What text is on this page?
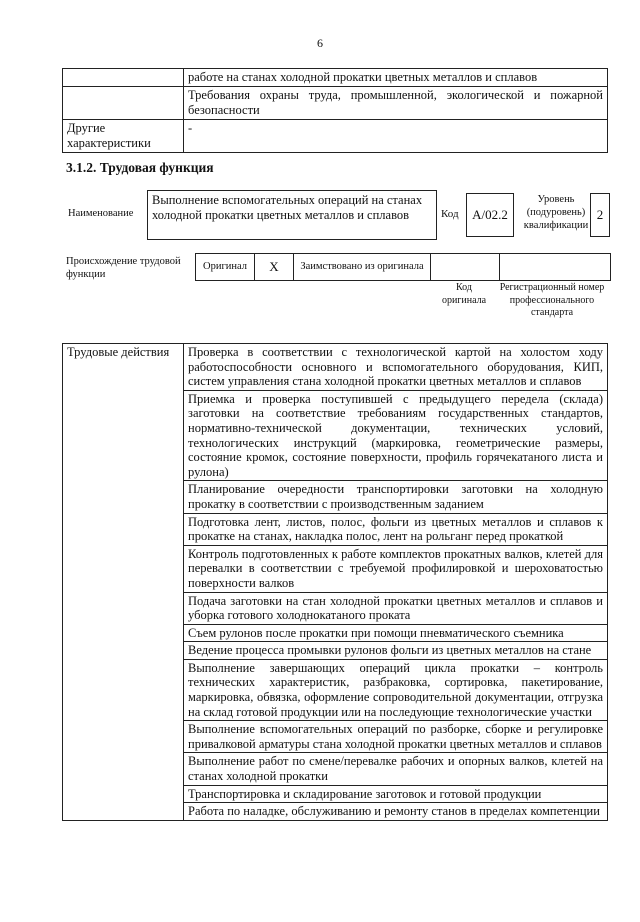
6
	работе на станах холодной прокатки цветных металлов и сплавов
	Требования охраны труда, промышленной, экологической и пожарной безопасности
Другие характеристики	-
3.1.2. Трудовая функция
Наименование
Выполнение вспомогательных операций на станах холодной прокатки цветных металлов и сплавов	Код	А/02.2
Уровень (подуровень) квалификации
2
Происхождение трудовой функции
Оригинал	X	Заимствовано из оригинала
Код оригинала
Регистрационный номер профессионального стандарта
Трудовые действия	Проверка в соответствии с технологической картой на холостом ходу работоспособности основного и вспомогательного оборудования, КИП, систем управления стана холодной прокатки цветных металлов и сплавов
Приемка и проверка поступившей с предыдущего передела (склада) заготовки на соответствие требованиям государственных стандартов, нормативно-технической документации, технических условий, технологических инструкций (маркировка, геометрические размеры, состояние кромок, состояние поверхности, профиль горячекатаного листа и рулона)
Планирование очередности транспортировки заготовки на холодную прокатку в соответствии с производственным заданием
Подготовка лент, листов, полос, фольги из цветных металлов и сплавов к прокатке на станах, накладка полос, лент на рольганг перед прокаткой
Контроль подготовленных к работе комплектов прокатных валков, клетей для перевалки в соответствии с требуемой профилировкой и шероховатостью поверхности валков
Подача заготовки на стан холодной прокатки цветных металлов и сплавов и уборка готового холоднокатаного проката
Съем рулонов после прокатки при помощи пневматического съемника
Ведение процесса промывки рулонов фольги из цветных металлов на стане
Выполнение завершающих операций цикла прокатки – контроль технических характеристик, разбраковка, сортировка, пакетирование, маркировка, обвязка, оформление сопроводительной документации, отгрузка на склад готовой продукции или на последующие технологические участки
Выполнение вспомогательных операций по разборке, сборке и регулировке привалковой арматуры стана холодной прокатки цветных металлов и сплавов
Выполнение работ по смене/перевалке рабочих и опорных валков, клетей на станах холодной прокатки
Транспортировка и складирование заготовок и готовой продукции
Работа по наладке, обслуживанию и ремонту станов в пределах компетенции
